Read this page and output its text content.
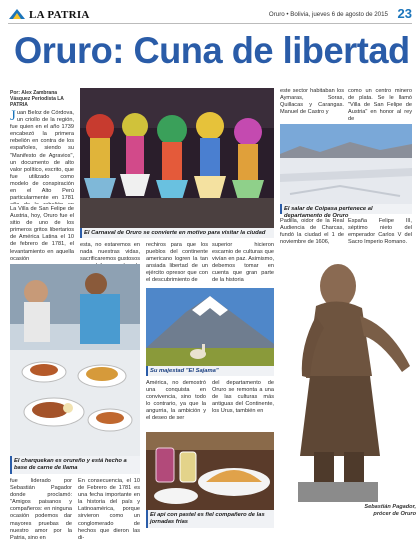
LA PATRIA	Oruro • Bolivia, jueves 6 de agosto de 2015 23
Oruro: Cuna de libertad
Por: Alex Zambrana Vásquez Periodista LA PATRIA
Juan Beloz de Córdova, un criollo de la región, fue quien en el año 1739 encabezó la primera rebelión en contra de los españoles, siendo su "Manifesto de Agravios", un documento de alto valor político, escrito, que fue utilizado como modelo de conspiración en el Alto Perú particularmente en 1781
La Villa de San Felipe de Austria, hoy, Oruro fue el sitio de uno de los primeros gritos libertarios de América Latina el 10 de febrero de 1781, el levantamiento en aquella ocasión
El Carnaval de Oruro se convierte en motivo para visitar la ciudad
esta, no estaremos en nada nuestras vidas, sacrificaremos gustosos
rechiros para que los pueblos del continente americano logren la tan ansiada libertad de un ejército opresor que con el descubrimiento de
superior hicieron escarnio de culturas que vivían en paz. Asimismo, debemos tomar en cuenta que gran parte de la historia
este sector habitaban los Aymaras, Soras, Quillacas y Carangas. Manuel de Castro y
como un centro minero de plata. Se le llamó "Villa de San Felipe de Austria" en honor al rey de
El salar de Coipasa pertenece al departamento de Oruro
Padilla, oidor de la Real Audiencia de Charcas, fundó la ciudad el 1 de noviembre de 1606,
España Felipe III, séptimo nieto del emperador Carlos V del Sacro Imperio Romano.
El charquekan es orureño y está hecho a base de carne de llama
Su majestad "El Sajama"
América, no demostró una conquista en convivencia, sino todo lo contrario, ya que la angurria, la ambición y el deseo de ser
del departamento de Oruro se remonta a una de las culturas más antiguas del Continente, los Urus, también en
El api con pastel es fiel compañero de las jornadas frías
fue liderado por Sebastián Pagador donde proclamó: "Amigos paisanos y compañeros: en ninguna ocasión podemos dar mayores pruebas de nuestro amor por la Patria, sino en
En consecuencia, el 10 de Febrero de 1781 es una fecha importante en la historia del país y Latinoamérica, porque sirvieron como un conglomerado de hechos que dieron las di-
Sebastián Pagador,
prócer de Oruro
